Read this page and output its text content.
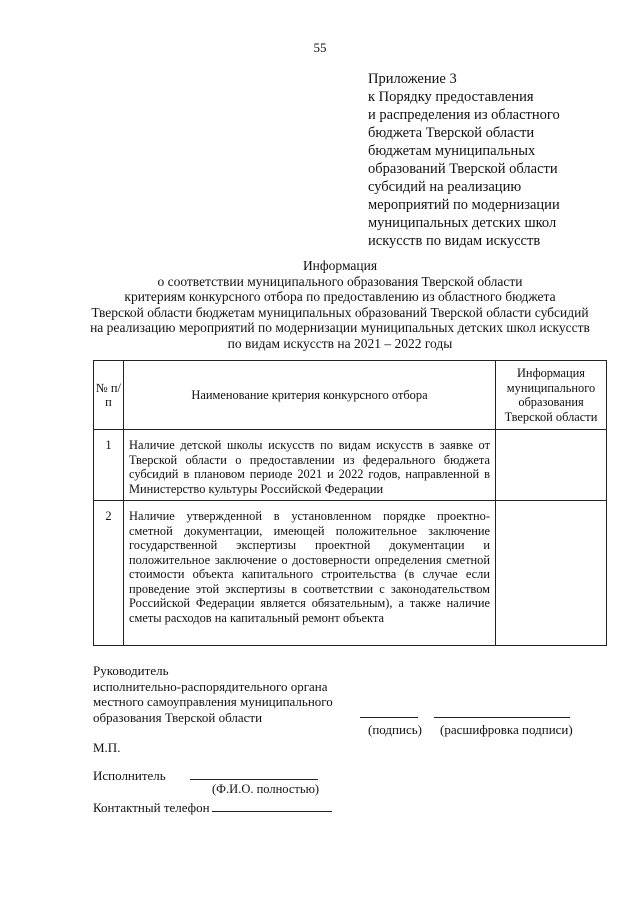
55
Приложение 3
к Порядку предоставления
и распределения из областного
бюджета Тверской области
бюджетам муниципальных
образований Тверской области
субсидий на реализацию
мероприятий по модернизации
муниципальных детских школ
искусств по видам искусств
Информация
о соответствии муниципального образования Тверской области
критериям конкурсного отбора по предоставлению из областного бюджета
Тверской области бюджетам муниципальных образований Тверской области субсидий
на реализацию мероприятий по модернизации муниципальных детских школ искусств
по видам искусств на 2021 – 2022 годы
№ п/п	Наименование критерия конкурсного отбора	Информация муниципального образования Тверской области

1	Наличие детской школы искусств по видам искусств в заявке от Тверской области о предоставлении из федерального бюджета субсидий в плановом периоде 2021 и 2022 годов, направленной в Министерство культуры Российской Федерации	

2	Наличие утвержденной в установленном порядке проектно-сметной документации, имеющей положительное заключение государственной экспертизы проектной документации и положительное заключение о достоверности определения сметной стоимости объекта капитального строительства (в случае если проведение этой экспертизы в соответствии с законодательством Российской Федерации является обязательным), а также наличие сметы расходов на капитальный ремонт объекта	

Руководитель
исполнительно-распорядительного органа
местного самоуправления муниципального
образования Тверской области
(подпись) (расшифровка подписи)
М.П.
Исполнитель
(Ф.И.О. полностью)
Контактный телефон
